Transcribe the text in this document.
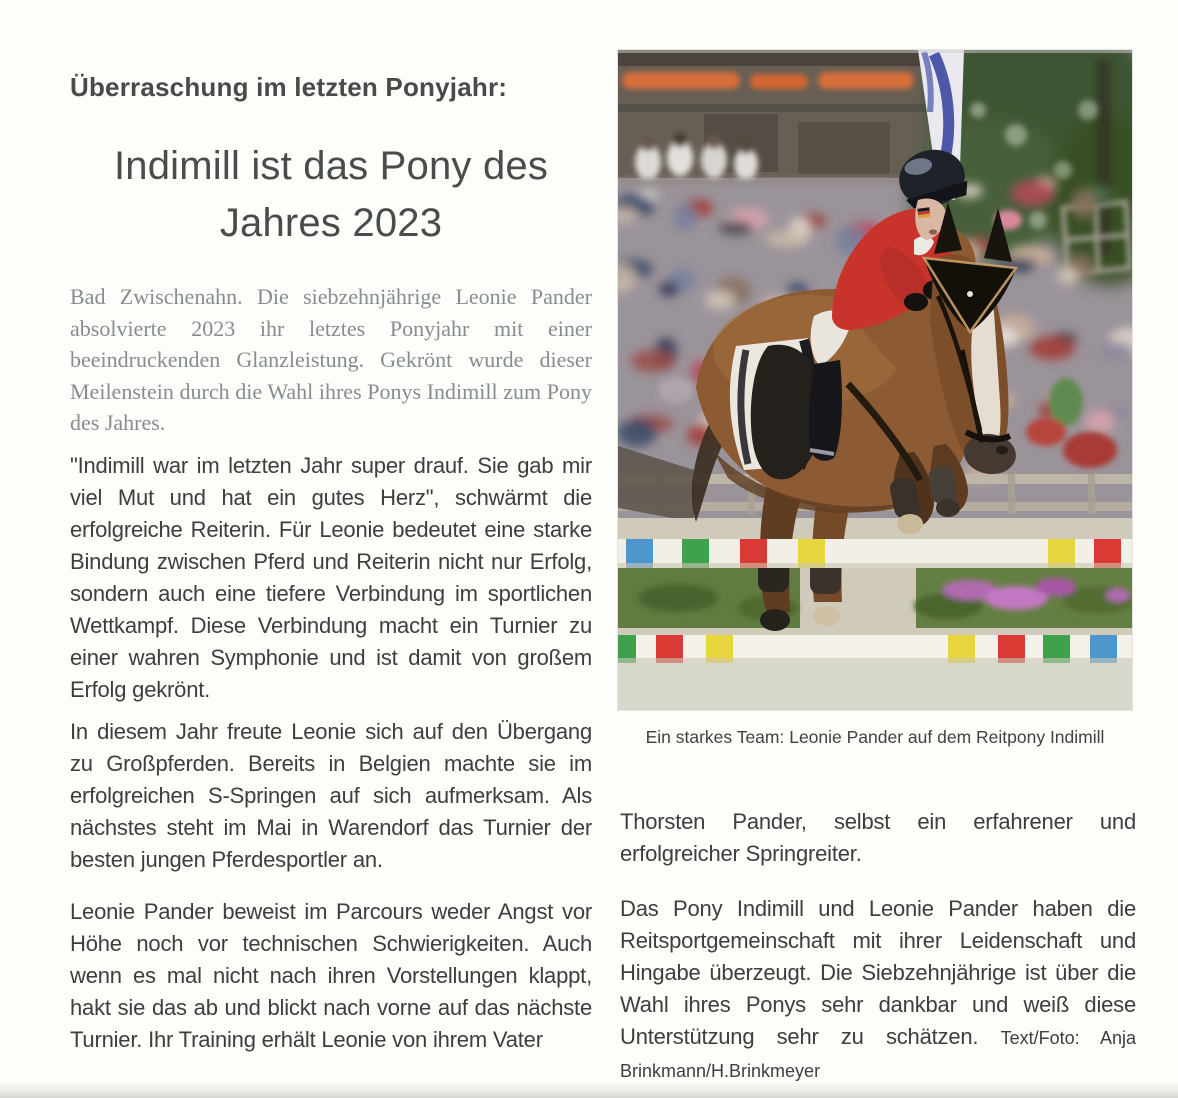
Überraschung im letzten Ponyjahr:
Indimill ist das Pony des
Jahres 2023

Bad Zwischenahn. Die siebzehnjährige Leonie Pander absolvierte 2023 ihr letztes Ponyjahr mit einer beeindruckenden Glanzleistung. Gekrönt wurde dieser Meilenstein durch die Wahl ihres Ponys Indimill zum Pony des Jahres.

"Indimill war im letzten Jahr super drauf. Sie gab mir viel Mut und hat ein gutes Herz", schwärmt die erfolgreiche Reiterin. Für Leonie bedeutet eine starke Bindung zwischen Pferd und Reiterin nicht nur Erfolg, sondern auch eine tiefere Verbindung im sportlichen Wettkampf. Diese Verbindung macht ein Turnier zu einer wahren Symphonie und ist damit von großem Erfolg gekrönt.

In diesem Jahr freute Leonie sich auf den Übergang zu Großpferden. Bereits in Belgien machte sie im erfolgreichen S-Springen auf sich aufmerksam. Als nächstes steht im Mai in Warendorf das Turnier der besten jungen Pferdesportler an.

Leonie Pander beweist im Parcours weder Angst vor Höhe noch vor technischen Schwierigkeiten. Auch wenn es mal nicht nach ihren Vorstellungen klappt, hakt sie das ab und blickt nach vorne auf das nächste Turnier. Ihr Training erhält Leonie von ihrem Vater

Ein starkes Team: Leonie Pander auf dem Reitpony Indimill

Thorsten Pander, selbst ein erfahrener und erfolgreicher Springreiter.

Das Pony Indimill und Leonie Pander haben die Reitsportgemeinschaft mit ihrer Leidenschaft und Hingabe überzeugt. Die Siebzehnjährige ist über die Wahl ihres Ponys sehr dankbar und weiß diese Unterstützung sehr zu schätzen. Text/Foto: Anja Brinkmann/H.Brinkmeyer
